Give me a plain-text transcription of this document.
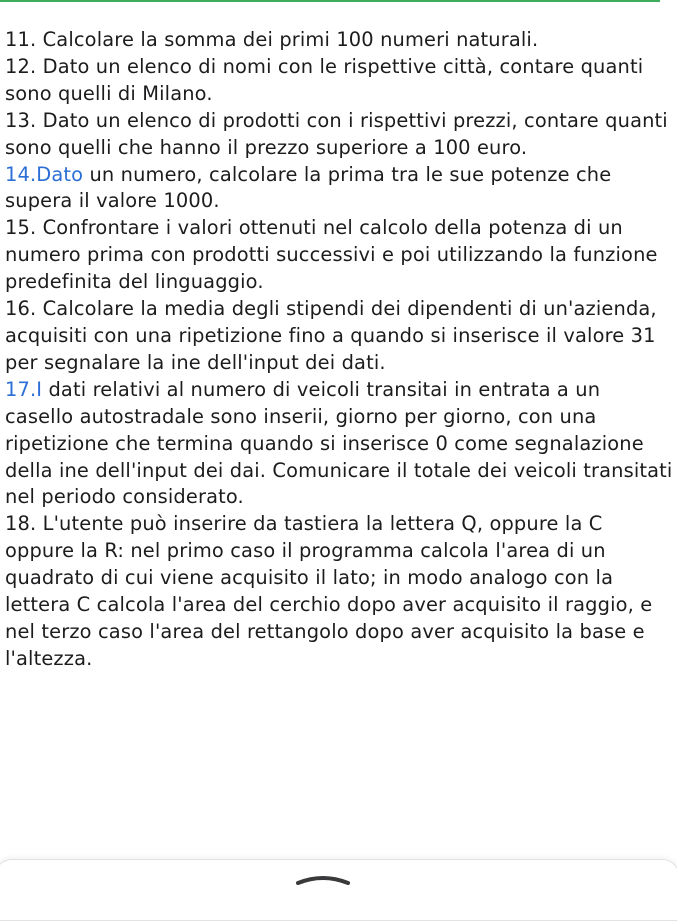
11. Calcolare la somma dei primi 100 numeri naturali.

12. Dato un elenco di nomi con le rispettive città, contare quanti sono quelli di Milano.

13. Dato un elenco di prodotti con i rispettivi prezzi, contare quanti sono quelli che hanno il prezzo superiore a 100 euro.

14.Dato un numero, calcolare la prima tra le sue potenze che supera il valore 1000.

15. Confrontare i valori ottenuti nel calcolo della potenza di un numero prima con prodotti successivi e poi utilizzando la funzione predefinita del linguaggio.

16. Calcolare la media degli stipendi dei dipendenti di un'azienda, acquisiti con una ripetizione fino a quando si inserisce il valore 31 per segnalare la ine dell'input dei dati.

17.I dati relativi al numero di veicoli transitai in entrata a un casello autostradale sono inserii, giorno per giorno, con una ripetizione che termina quando si inserisce 0 come segnalazione della ine dell'input dei dai. Comunicare il totale dei veicoli transitati nel periodo considerato.

18. L'utente può inserire da tastiera la lettera Q, oppure la C oppure la R: nel primo caso il programma calcola l'area di un quadrato di cui viene acquisito il lato; in modo analogo con la lettera C calcola l'area del cerchio dopo aver acquisito il raggio, e nel terzo caso l'area del rettangolo dopo aver acquisito la base e l'altezza.
